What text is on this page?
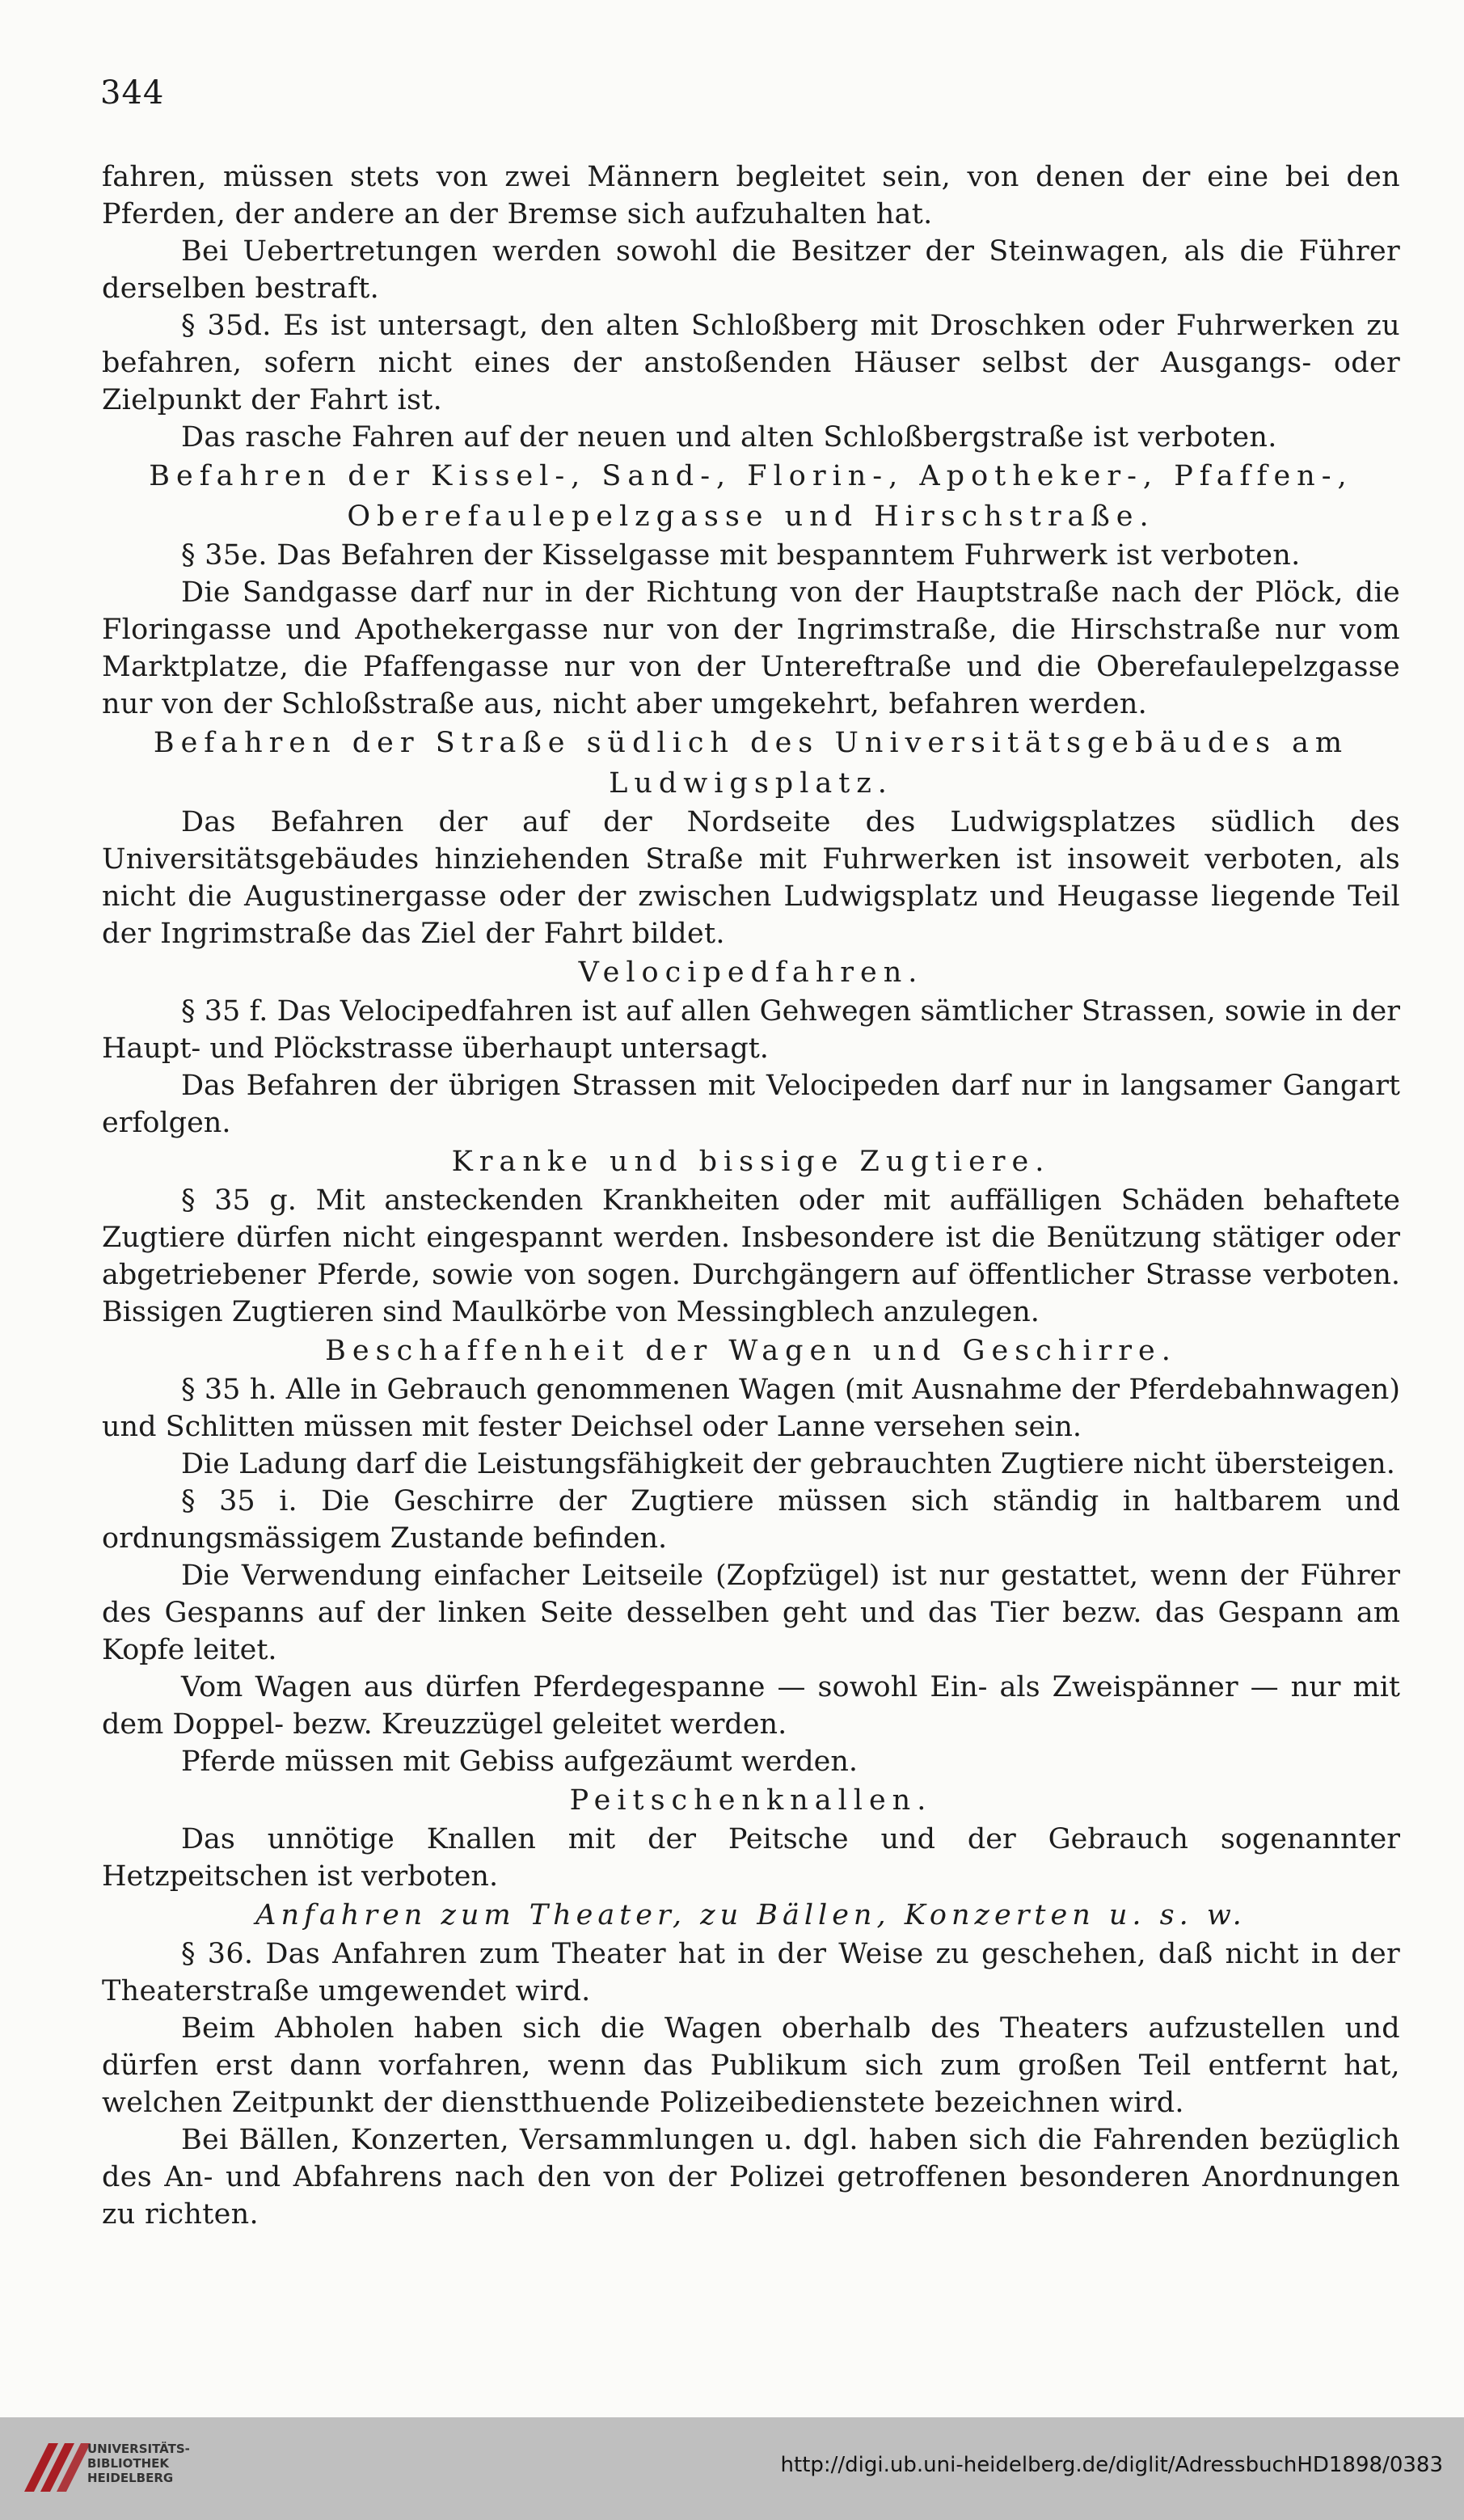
344
fahren, müssen stets von zwei Männern begleitet sein, von denen der eine bei den Pferden, der andere an der Bremse sich aufzuhalten hat.
Bei Uebertretungen werden sowohl die Besitzer der Steinwagen, als die Führer derselben bestraft.
§ 35d. Es ist untersagt, den alten Schloßberg mit Droschken oder Fuhrwerken zu befahren, sofern nicht eines der anstoßenden Häuser selbst der Ausgangs- oder Zielpunkt der Fahrt ist.
Das rasche Fahren auf der neuen und alten Schloßbergstraße ist verboten.
Befahren der Kissel-, Sand-, Florin-, Apotheker-, Pfaffen-, Oberefaulepelzgasse und Hirschstraße.
§ 35e. Das Befahren der Kisselgasse mit bespanntem Fuhrwerk ist verboten.
Die Sandgasse darf nur in der Richtung von der Hauptstraße nach der Plöck, die Floringasse und Apothekergasse nur von der Ingrimstraße, die Hirschstraße nur vom Marktplatze, die Pfaffengasse nur von der Untereftraße und die Oberefaulepelzgasse nur von der Schloßstraße aus, nicht aber umgekehrt, befahren werden.
Befahren der Straße südlich des Universitätsgebäudes am Ludwigsplatz.
Das Befahren der auf der Nordseite des Ludwigsplatzes südlich des Universitätsgebäudes hinziehenden Straße mit Fuhrwerken ist insoweit verboten, als nicht die Augustinergasse oder der zwischen Ludwigsplatz und Heugasse liegende Teil der Ingrimstraße das Ziel der Fahrt bildet.
Velocipedfahren.
§ 35 f. Das Velocipedfahren ist auf allen Gehwegen sämtlicher Strassen, sowie in der Haupt- und Plöckstrasse überhaupt untersagt.
Das Befahren der übrigen Strassen mit Velocipeden darf nur in langsamer Gangart erfolgen.
Kranke und bissige Zugtiere.
§ 35 g. Mit ansteckenden Krankheiten oder mit auffälligen Schäden behaftete Zugtiere dürfen nicht eingespannt werden. Insbesondere ist die Benützung stätiger oder abgetriebener Pferde, sowie von sogen. Durchgängern auf öffentlicher Strasse verboten. Bissigen Zugtieren sind Maulkörbe von Messingblech anzulegen.
Beschaffenheit der Wagen und Geschirre.
§ 35 h. Alle in Gebrauch genommenen Wagen (mit Ausnahme der Pferdebahnwagen) und Schlitten müssen mit fester Deichsel oder Lanne versehen sein.
Die Ladung darf die Leistungsfähigkeit der gebrauchten Zugtiere nicht übersteigen.
§ 35 i. Die Geschirre der Zugtiere müssen sich ständig in haltbarem und ordnungsmässigem Zustande befinden.
Die Verwendung einfacher Leitseile (Zopfzügel) ist nur gestattet, wenn der Führer des Gespanns auf der linken Seite desselben geht und das Tier bezw. das Gespann am Kopfe leitet.
Vom Wagen aus dürfen Pferdegespanne — sowohl Ein- als Zweispänner — nur mit dem Doppel- bezw. Kreuzzügel geleitet werden.
Pferde müssen mit Gebiss aufgezäumt werden.
Peitschenknallen.
Das unnötige Knallen mit der Peitsche und der Gebrauch sogenannter Hetzpeitschen ist verboten.
Anfahren zum Theater, zu Bällen, Konzerten u. s. w.
§ 36. Das Anfahren zum Theater hat in der Weise zu geschehen, daß nicht in der Theaterstraße umgewendet wird.
Beim Abholen haben sich die Wagen oberhalb des Theaters aufzustellen und dürfen erst dann vorfahren, wenn das Publikum sich zum großen Teil entfernt hat, welchen Zeitpunkt der dienstthuende Polizeibedienstete bezeichnen wird.
Bei Bällen, Konzerten, Versammlungen u. dgl. haben sich die Fahrenden bezüglich des An- und Abfahrens nach den von der Polizei getroffenen besonderen Anordnungen zu richten.
UNIVERSITÄTS-
BIBLIOTHEK
HEIDELBERG
http://digi.ub.uni-heidelberg.de/diglit/AdressbuchHD1898/0383
